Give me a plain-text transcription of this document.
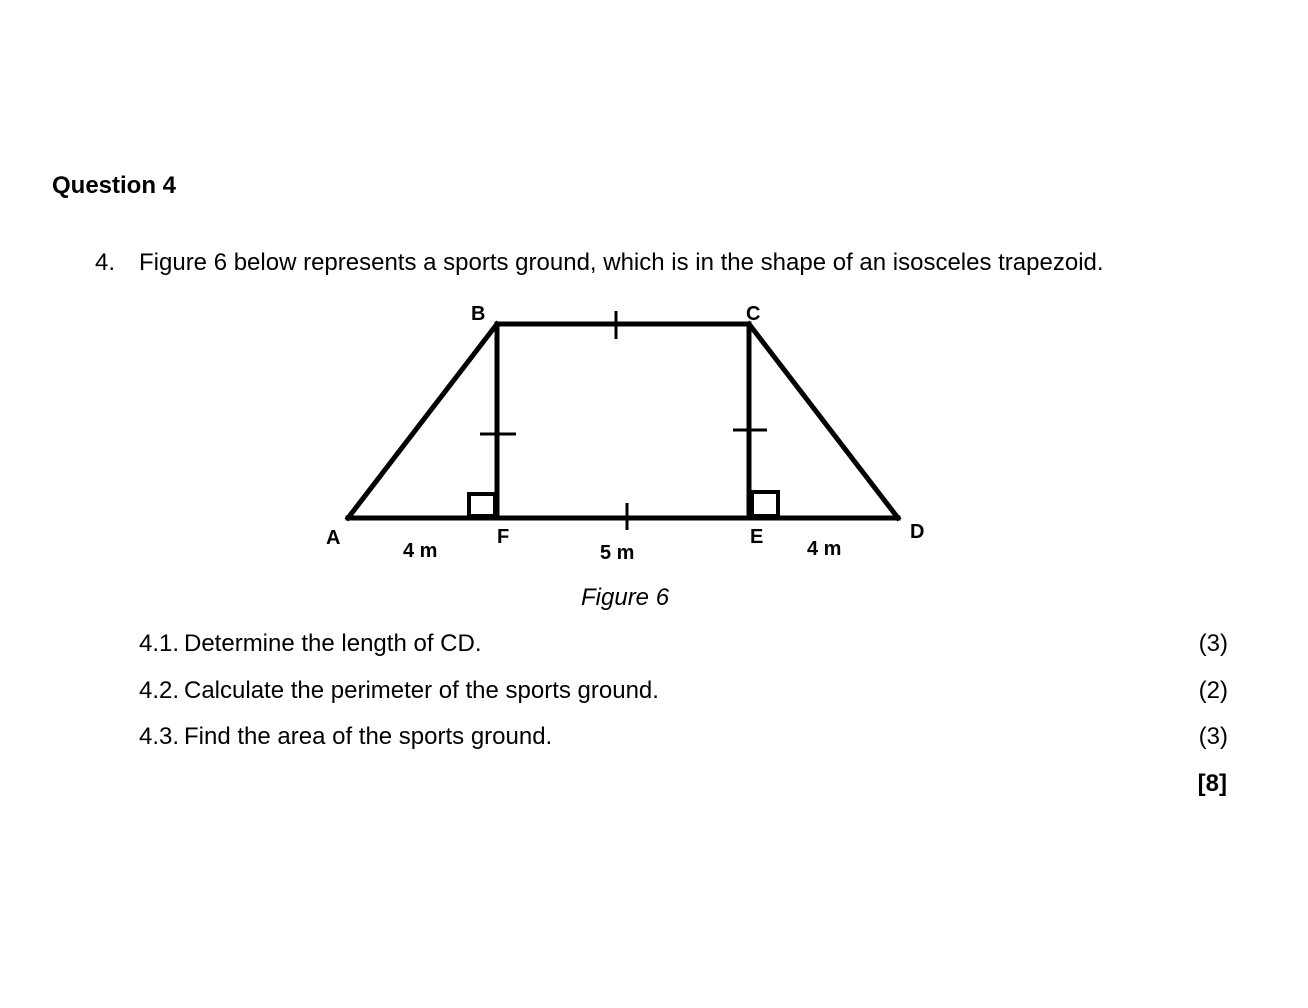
Question 4
4. Figure 6 below represents a sports ground, which is in the shape of an isosceles trapezoid.
A
B	C
D
E
F
4 m	5 m	4 m
Figure 6
4.1. Determine the length of CD.	(3)
4.2. Calculate the perimeter of the sports ground.	(2)
4.3. Find the area of the sports ground.	(3)
[8]
